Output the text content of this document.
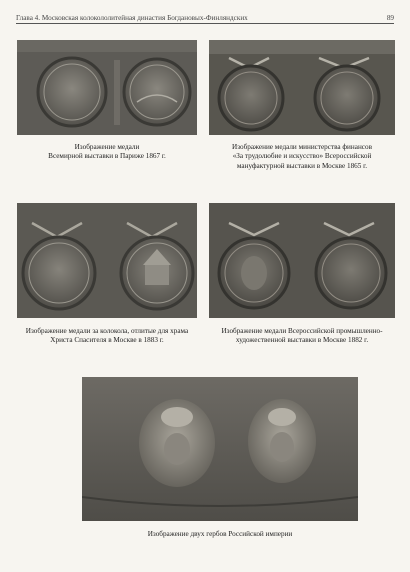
Глава 4. Московская колокололитейная династия Богдановых-Финляндских	89
Изображение медали
Всемирной выставки в Париже 1867 г.
Изображение медали министерства финансов
«За трудолюбие и искусство» Всероссийской
мануфактурной выставки в Москве 1865 г.
Изображение медали за колокола, отлитые для храма
Христа Спасителя в Москве в 1883 г.
Изображение медали Всероссийской промышленно-
художественной выставки в Москве 1882 г.
Изображение двух гербов Российской империи
